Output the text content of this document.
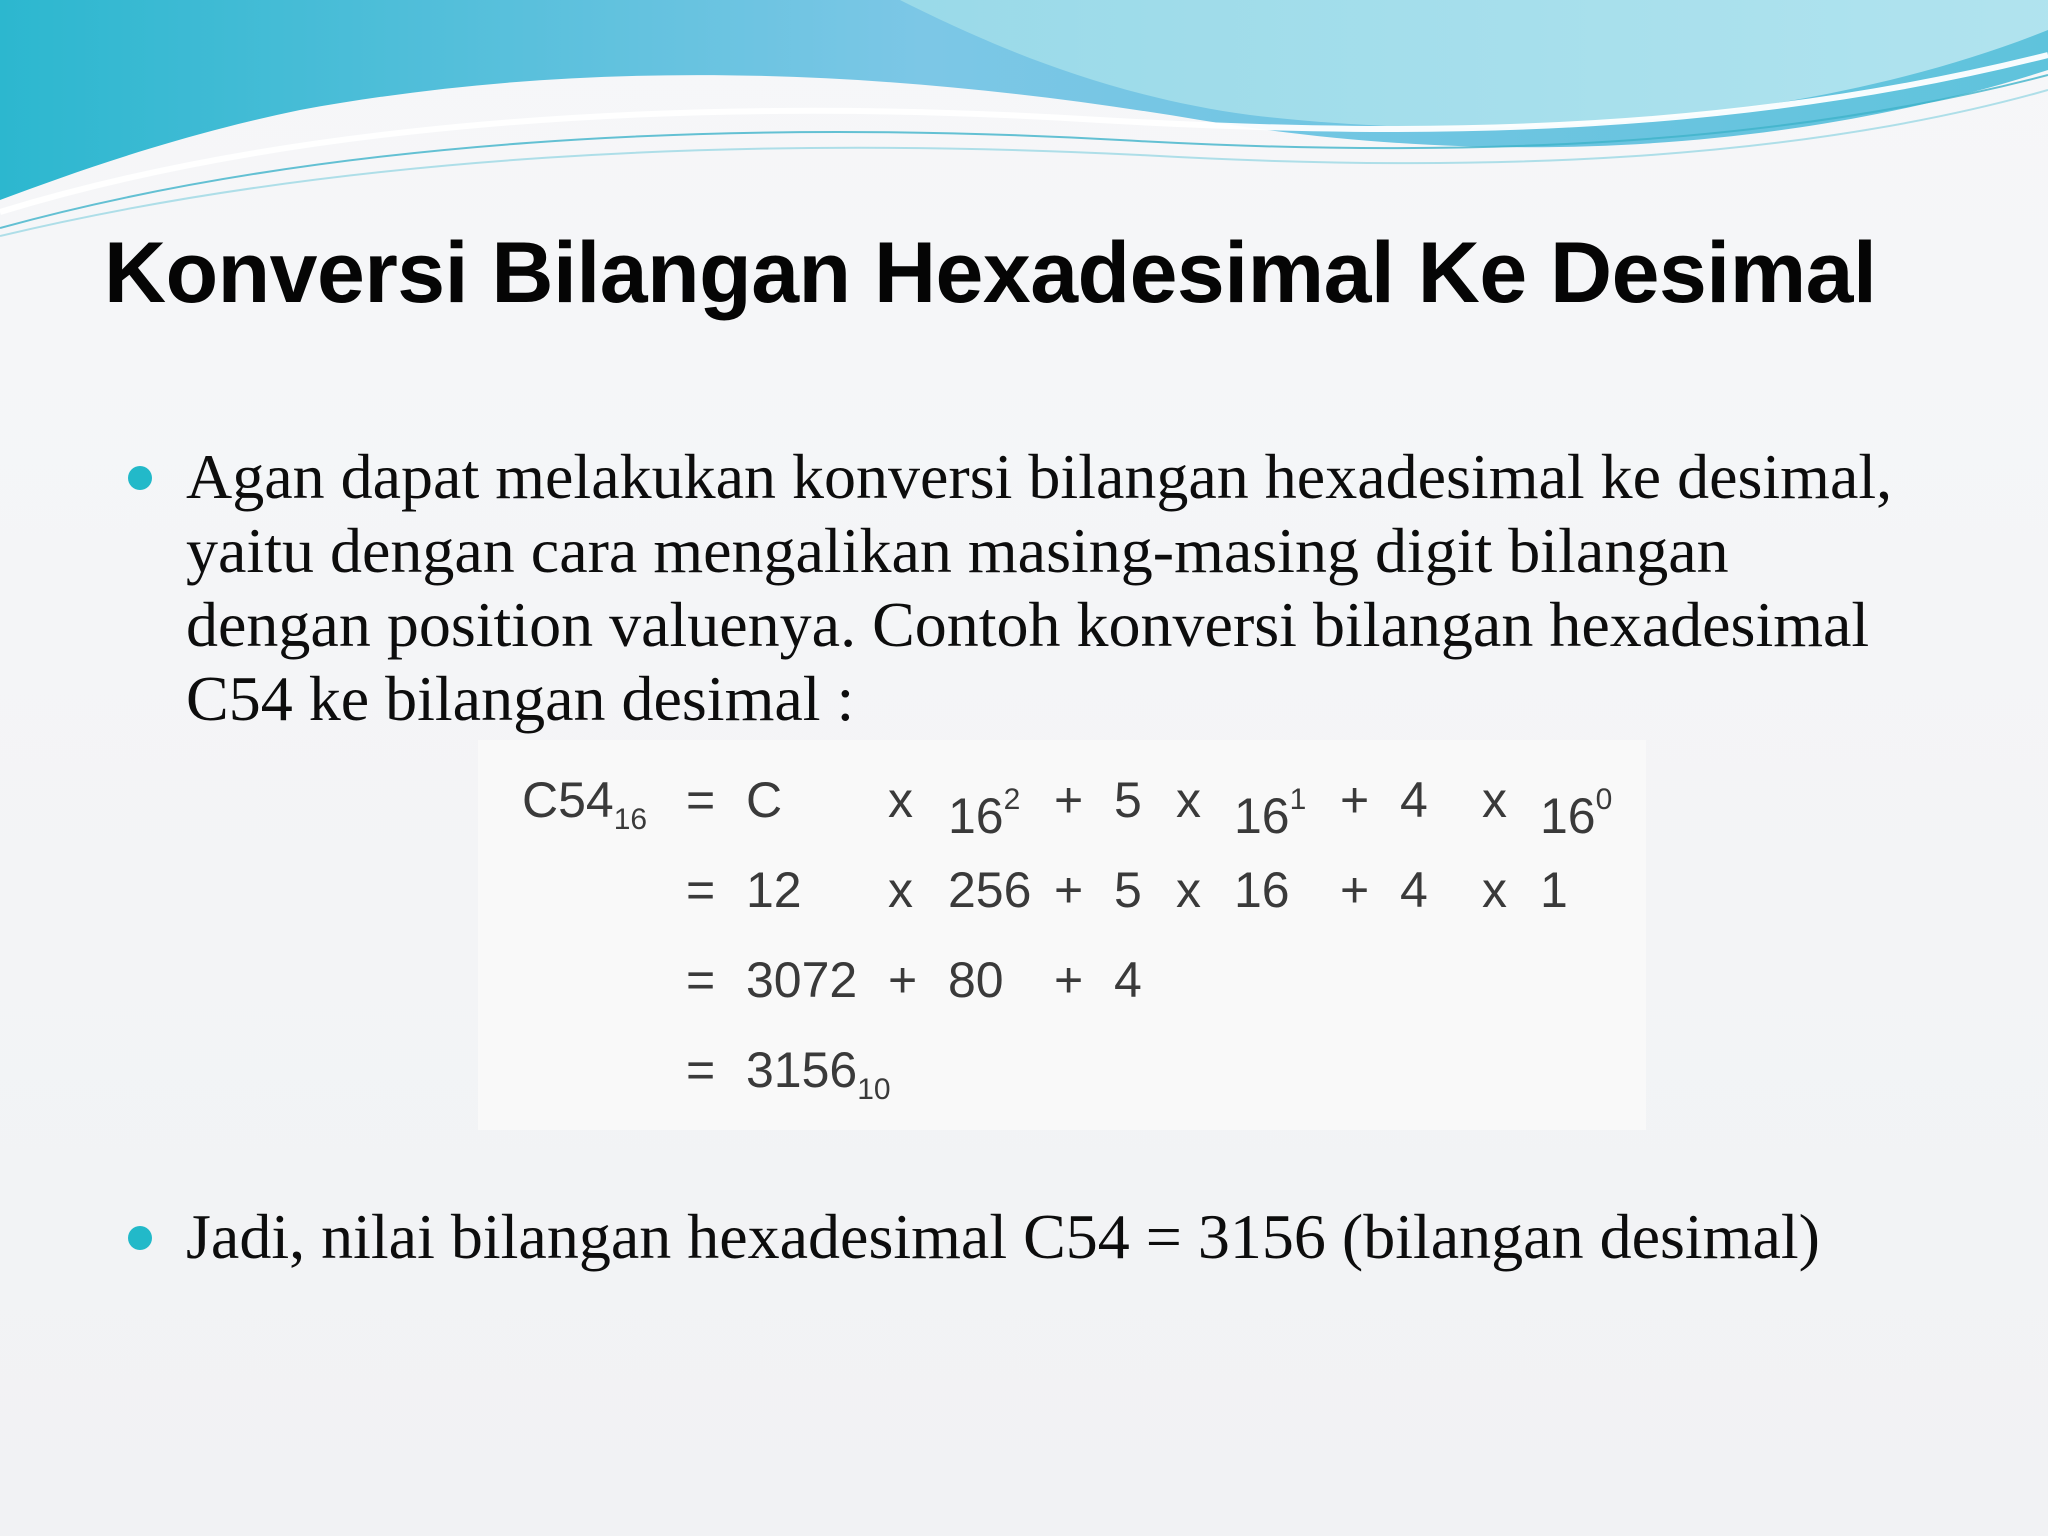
Konversi Bilangan Hexadesimal Ke Desimal
Agan dapat melakukan konversi bilangan hexadesimal ke desimal, yaitu dengan cara mengalikan masing-masing digit bilangan dengan position valuenya. Contoh konversi bilangan hexadesimal C54 ke bilangan desimal :
Jadi, nilai bilangan hexadesimal C54 = 3156 (bilangan desimal)
$C54_{16} = C$ x $16^2 + 5$ x $16^1 + 4$ x $16^0$
= 12 x 256 + 5 x 16 + 4 x 1
= 3072 + 80 + 4
= $3156_{10}$
